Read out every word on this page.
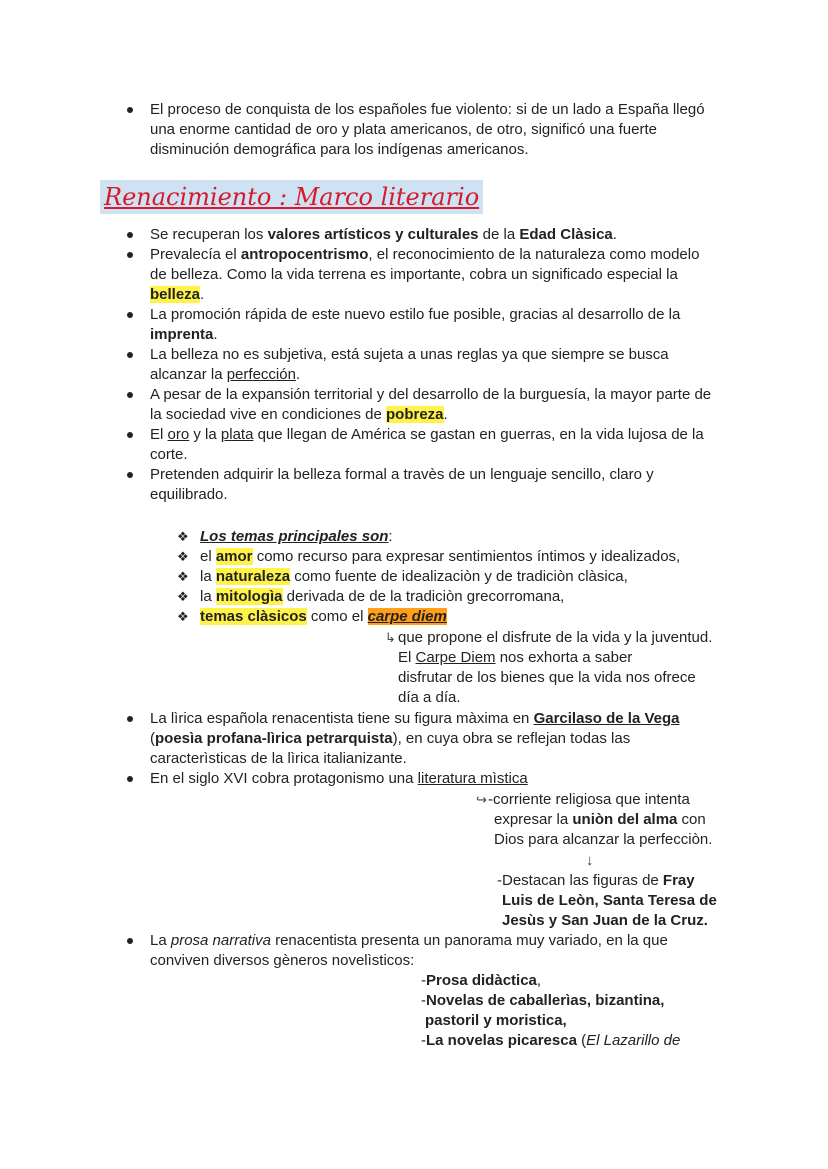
El proceso de conquista de los españoles fue violento: si de un lado a España llegó
una enorme cantidad de oro y plata americanos, de otro, significó una fuerte
disminución demográfica para los indígenas americanos.
Renacimiento : Marco literario
Se recuperan los valores artísticos y culturales de la Edad Clàsica.
Prevalecía el antropocentrismo, el reconocimiento de la naturaleza como modelo
de belleza. Como la vida terrena es importante, cobra un significado especial la
belleza.
La promoción rápida de este nuevo estilo fue posible, gracias al desarrollo de la
imprenta.
La belleza no es subjetiva, está sujeta a unas reglas ya que siempre se busca
alcanzar la perfección.
A pesar de la expansión territorial y del desarrollo de la burguesía, la mayor parte de
la sociedad vive en condiciones de pobreza.
El oro y la plata que llegan de América se gastan en guerras, en la vida lujosa de la
corte.
Pretenden adquirir la belleza formal a travès de un lenguaje sencillo, claro y
equilibrado.
❖ Los temas principales son:
❖ el amor como recurso para expresar sentimientos íntimos y idealizados,
❖ la naturaleza como fuente de idealizaciòn y de tradiciòn clàsica,
❖ la mitologìa derivada de de la tradiciòn grecorromana,
❖ temas clàsicos como el carpe diem
↳ que propone el disfrute de la vida y la juventud.
El Carpe Diem nos exhorta a saber
disfrutar de los bienes que la vida nos ofrece
día a día.
La lìrica española renacentista tiene su figura màxima en Garcilaso de la Vega
(poesìa profana-lìrica petrarquista), en cuya obra se reflejan todas las
caracterìsticas de la lìrica italianizante.
En el siglo XVI cobra protagonismo una literatura mìstica
↪ -corriente religiosa que intenta
expresar la uniòn del alma con
Dios para alcanzar la perfecciòn.
↓
-Destacan las figuras de Fray
Luis de Leòn, Santa Teresa de
Jesùs y San Juan de la Cruz.
La prosa narrativa renacentista presenta un panorama muy variado, en la que
conviven diversos gèneros novelìsticos:
-Prosa didàctica,
-Novelas de caballerìas, bizantina,
pastoril y moristica,
-La novelas picaresca (El Lazarillo de
